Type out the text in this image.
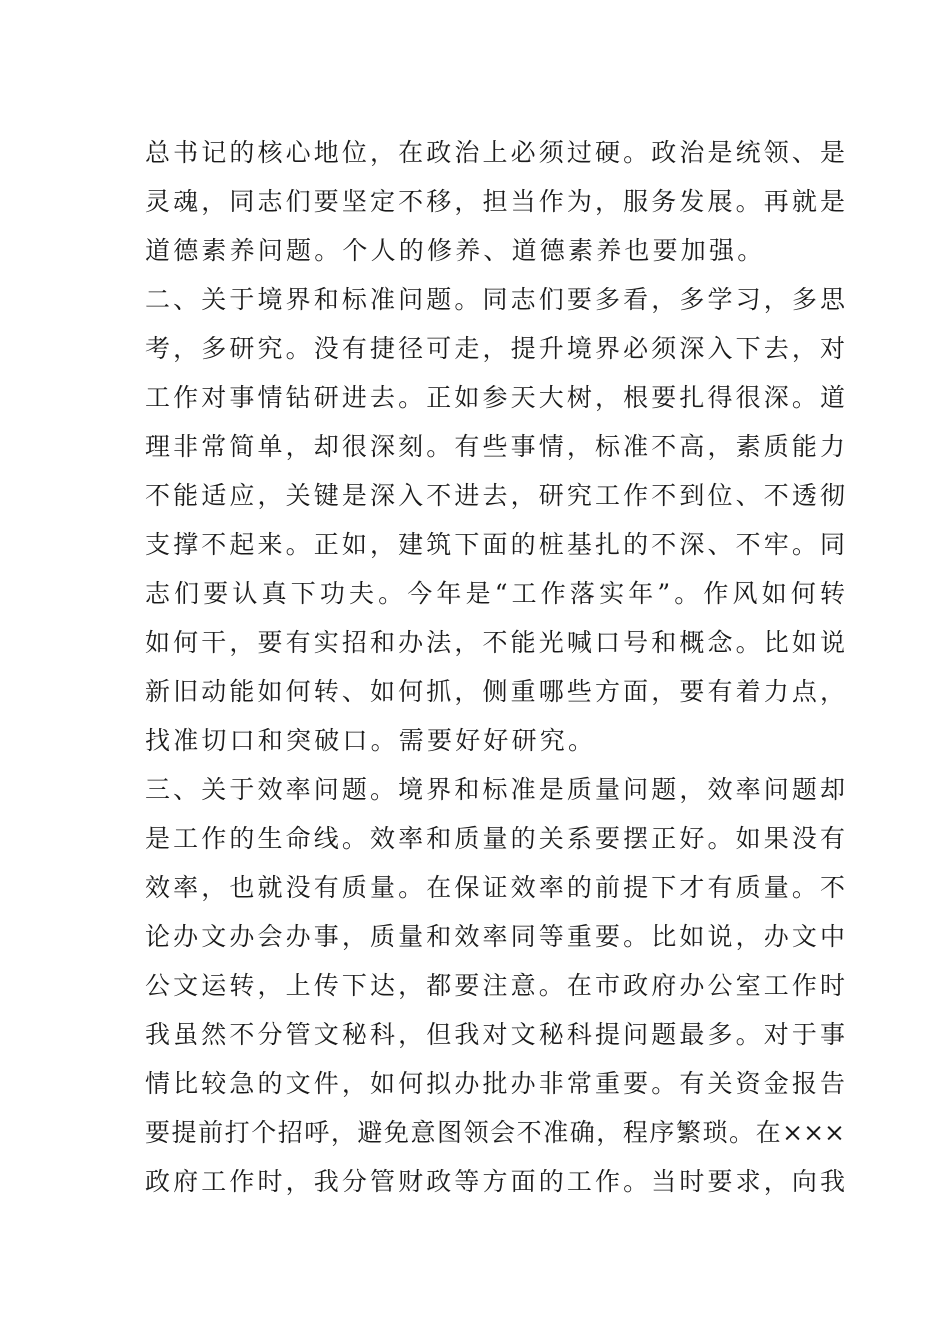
总书记的核心地位，在政治上必须过硬。政治是统领、是
灵魂，同志们要坚定不移，担当作为，服务发展。再就是
道德素养问题。个人的修养、道德素养也要加强。
二、关于境界和标准问题。同志们要多看，多学习，多思
考，多研究。没有捷径可走，提升境界必须深入下去，对
工作对事情钻研进去。正如参天大树，根要扎得很深。道
理非常简单，却很深刻。有些事情，标准不高，素质能力
不能适应，关键是深入不进去，研究工作不到位、不透彻
支撑不起来。正如，建筑下面的桩基扎的不深、不牢。同
志们要认真下功夫。今年是“工作落实年”。作风如何转
如何干，要有实招和办法，不能光喊口号和概念。比如说
新旧动能如何转、如何抓，侧重哪些方面，要有着力点，
找准切口和突破口。需要好好研究。
三、关于效率问题。境界和标准是质量问题，效率问题却
是工作的生命线。效率和质量的关系要摆正好。如果没有
效率，也就没有质量。在保证效率的前提下才有质量。不
论办文办会办事，质量和效率同等重要。比如说，办文中
公文运转，上传下达，都要注意。在市政府办公室工作时
我虽然不分管文秘科，但我对文秘科提问题最多。对于事
情比较急的文件，如何拟办批办非常重要。有关资金报告
要提前打个招呼，避免意图领会不准确，程序繁琐。在×××
政府工作时，我分管财政等方面的工作。当时要求，向我
